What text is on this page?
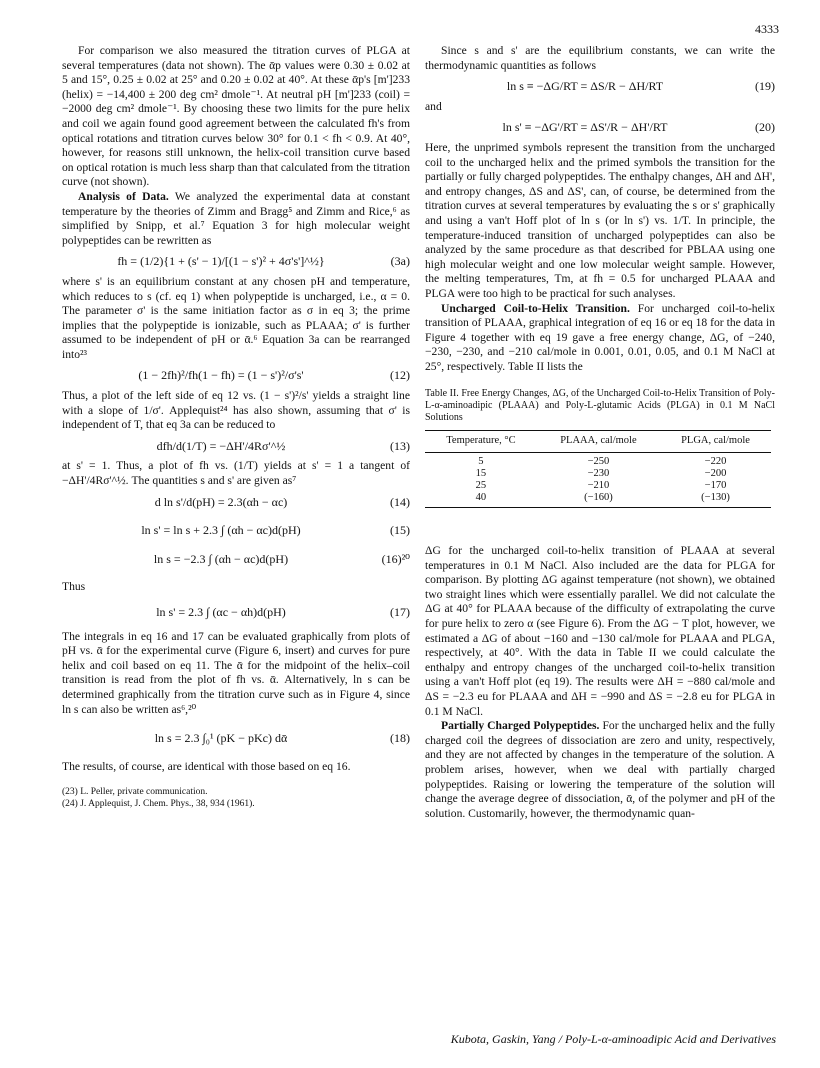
4333

For comparison we also measured the titration curves of PLGA at several temperatures (data not shown). The ᾱp values were 0.30 ± 0.02 at 5 and 15°, 0.25 ± 0.02 at 25° and 0.20 ± 0.02 at 40°. At these ᾱp's [m']233 (helix) = −14,400 ± 200 deg cm² dmole⁻¹. At neutral pH [m']233 (coil) = −2000 deg cm² dmole⁻¹. By choosing these two limits for the pure helix and coil we again found good agreement between the calculated fh's from optical rotations and titration curves below 30° for 0.1 < fh < 0.9. At 40°, however, for reasons still unknown, the helix-coil transition curve based on optical rotation is much less sharp than that calculated from the titration curve (not shown).

Analysis of Data. We analyzed the experimental data at constant temperature by the theories of Zimm and Bragg⁵ and Zimm and Rice,⁶ as simplified by Snipp, et al.⁷ Equation 3 for high molecular weight polypeptides can be rewritten as

fh = (1/2){1 + (s' − 1)/[(1 − s')² + 4σ's']^½}	(3a)

where s' is an equilibrium constant at any chosen pH and temperature, which reduces to s (cf. eq 1) when polypeptide is uncharged, i.e., α = 0. The parameter σ' is the same initiation factor as σ in eq 3; the prime implies that the polypeptide is ionizable, such as PLAAA; σ' is further assumed to be independent of pH or ᾱ.⁶ Equation 3a can be rearranged into²³

(1 − 2fh)²/fh(1 − fh) = (1 − s')²/σ's'	(12)

Thus, a plot of the left side of eq 12 vs. (1 − s')²/s' yields a straight line with a slope of 1/σ'. Applequist²⁴ has also shown, assuming that σ' is independent of T, that eq 3a can be reduced to

dfh/d(1/T) = −ΔH'/4Rσ'^½	(13)

at s' = 1. Thus, a plot of fh vs. (1/T) yields at s' = 1 a tangent of −ΔH'/4Rσ'^½. The quantities s and s' are given as⁷

d ln s'/d(pH) = 2.3(αh − αc)	(14)
ln s' = ln s + 2.3 ∫ (αh − αc)d(pH)	(15)
ln s = −2.3 ∫ (αh − αc)d(pH)	(16)²⁰

Thus

ln s' = 2.3 ∫ (αc − αh)d(pH)	(17)

The integrals in eq 16 and 17 can be evaluated graphically from plots of pH vs. ᾱ for the experimental curve (Figure 6, insert) and curves for pure helix and coil based on eq 11. The ᾱ for the midpoint of the helix–coil transition is read from the plot of fh vs. ᾱ. Alternatively, ln s can be determined graphically from the titration curve such as in Figure 4, since ln s can also be written as⁶,²⁰

ln s = 2.3 ∫₀¹ (pK − pKc) dᾱ	(18)

The results, of course, are identical with those based on eq 16.

(23) L. Peller, private communication.
(24) J. Applequist, J. Chem. Phys., 38, 934 (1961).

Since s and s' are the equilibrium constants, we can write the thermodynamic quantities as follows

ln s ≡ −ΔG/RT = ΔS/R − ΔH/RT	(19)

and

ln s' ≡ −ΔG'/RT = ΔS'/R − ΔH'/RT	(20)

Here, the unprimed symbols represent the transition from the uncharged coil to the uncharged helix and the primed symbols the transition for the partially or fully charged polypeptides. The enthalpy changes, ΔH and ΔH', and entropy changes, ΔS and ΔS', can, of course, be determined from the titration curves at several temperatures by evaluating the s or s' graphically and using a van't Hoff plot of ln s (or ln s') vs. 1/T. In principle, the temperature-induced transition of uncharged polypeptides can also be analyzed by the same procedure as that described for PBLAA using one high molecular weight and one low molecular weight sample. However, the melting temperatures, Tm, at fh = 0.5 for uncharged PLAAA and PLGA were too high to be practical for such analyses.

Uncharged Coil-to-Helix Transition. For uncharged coil-to-helix transition of PLAAA, graphical integration of eq 16 or eq 18 for the data in Figure 4 together with eq 19 gave a free energy change, ΔG, of −240, −230, −230, and −210 cal/mole in 0.001, 0.01, 0.05, and 0.1 M NaCl at 25°, respectively. Table II lists the

Table II. Free Energy Changes, ΔG, of the Uncharged Coil-to-Helix Transition of Poly-L-α-aminoadipic (PLAAA) and Poly-L-glutamic Acids (PLGA) in 0.1 M NaCl Solutions
Temperature, °C	PLAAA, cal/mole	PLGA, cal/mole
5	−250	−220
15	−230	−200
25	−210	−170
40	(−160)	(−130)

ΔG for the uncharged coil-to-helix transition of PLAAA at several temperatures in 0.1 M NaCl. Also included are the data for PLGA for comparison. By plotting ΔG against temperature (not shown), we obtained two straight lines which were essentially parallel. We did not calculate the ΔG at 40° for PLAAA because of the difficulty of extrapolating the curve for pure helix to zero α (see Figure 6). From the ΔG − T plot, however, we estimated a ΔG of about −160 and −130 cal/mole for PLAAA and PLGA, respectively, at 40°. With the data in Table II we could calculate the enthalpy and entropy changes of the uncharged coil-to-helix transition using a van't Hoff plot (eq 19). The results were ΔH = −880 cal/mole and ΔS = −2.3 eu for PLAAA and ΔH = −990 and ΔS = −2.8 eu for PLGA in 0.1 M NaCl.

Partially Charged Polypeptides. For the uncharged helix and the fully charged coil the degrees of dissociation are zero and unity, respectively, and they are not affected by changes in the temperature of the solution. A problem arises, however, when we deal with partially charged polypeptides. Raising or lowering the temperature of the solution will change the average degree of dissociation, ᾱ, of the polymer and pH of the solution. Customarily, however, the thermodynamic quan-

Kubota, Gaskin, Yang / Poly-L-α-aminoadipic Acid and Derivatives
